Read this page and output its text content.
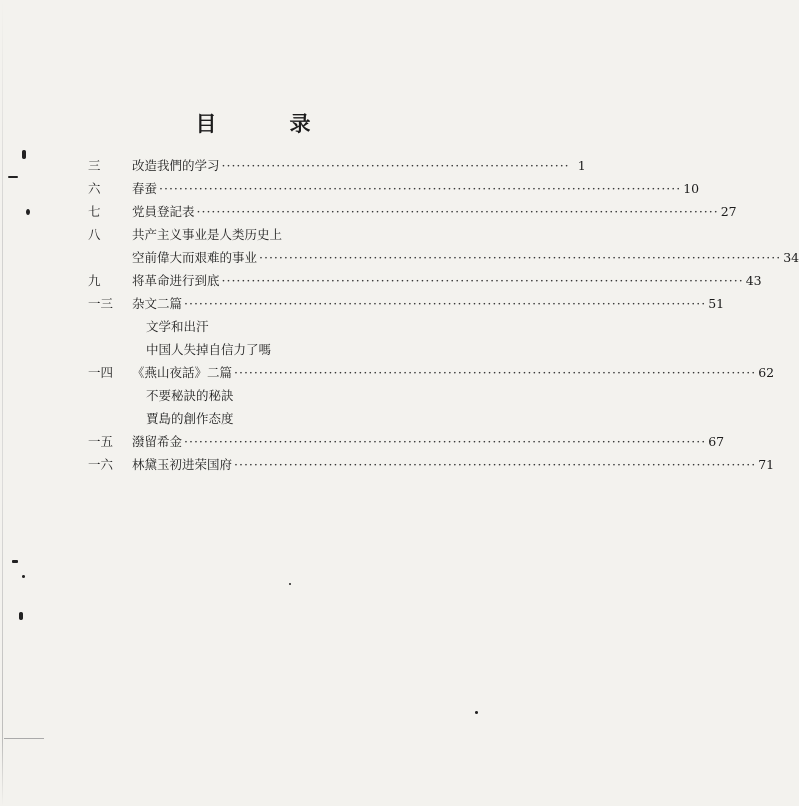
目　录
三	改造我們的学习 ······································································ 1
六	春蚕 ········································································································· 10
七	党員登記表 ········································································································· 27
八	共产主义事业是人类历史上
空前偉大而艰难的事业 ········································································································· 34
九	将革命进行到底 ········································································································· 43
一三	杂文二篇 ········································································································· 51
文学和出汗
中国人失掉自信力了嗎
一四	《燕山夜話》二篇 ········································································································· 62
不要秘訣的秘訣
賈島的創作态度
一五	潑留希金 ········································································································· 67
一六	林黛玉初进荣国府 ········································································································· 71
